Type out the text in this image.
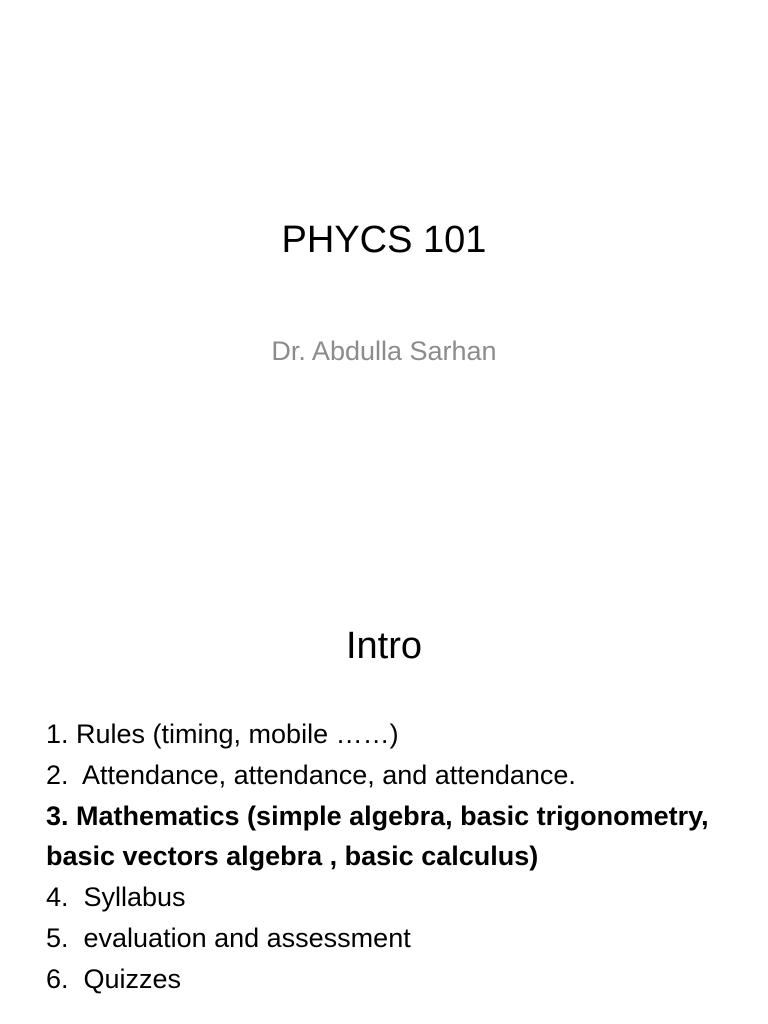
PHYCS 101

Dr. Abdulla Sarhan

Intro
1. Rules (timing, mobile ……)
2. Attendance, attendance, and attendance.
3. Mathematics (simple algebra, basic trigonometry, basic vectors algebra , basic calculus)
4. Syllabus
5. evaluation and assessment
6. Quizzes
